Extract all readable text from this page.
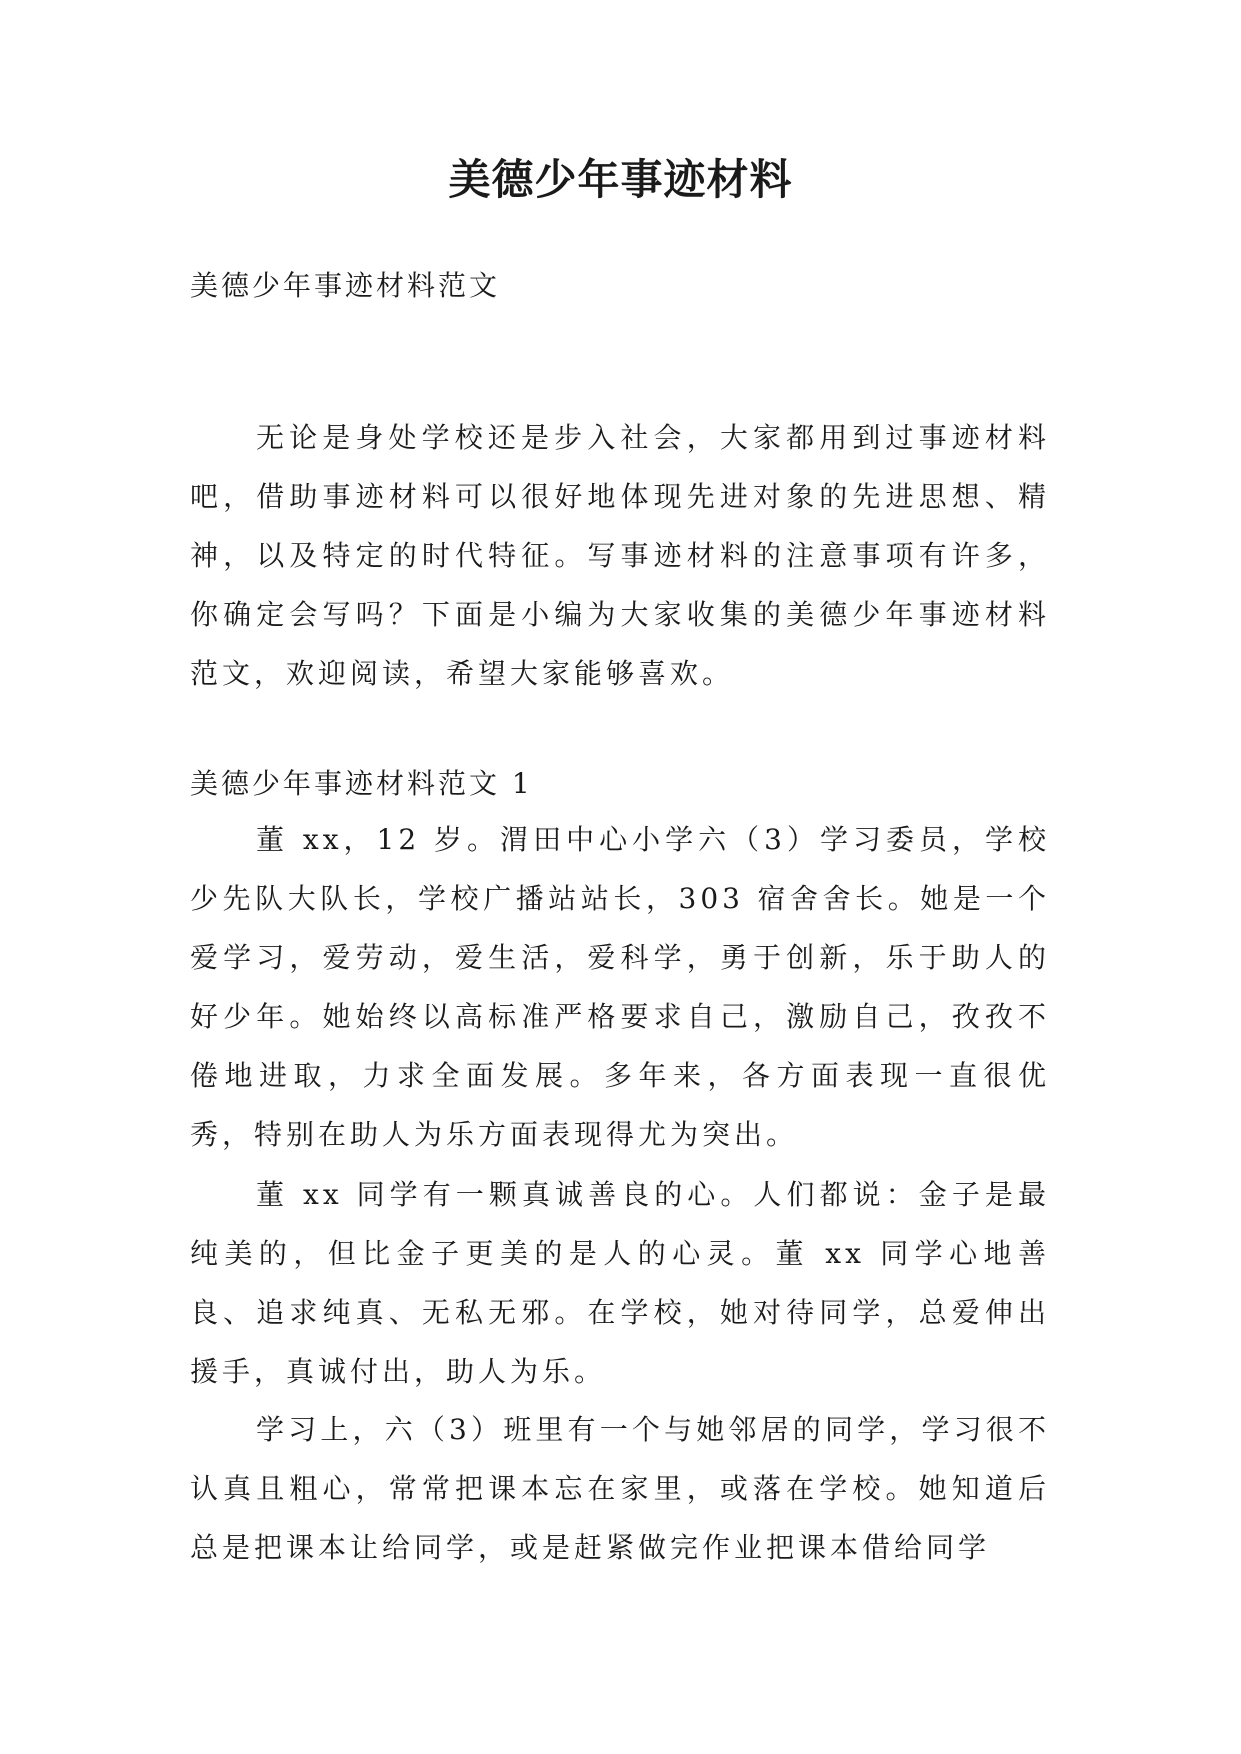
美德少年事迹材料
美德少年事迹材料范文

无论是身处学校还是步入社会，大家都用到过事迹材料吧，借助事迹材料可以很好地体现先进对象的先进思想、精神，以及特定的时代特征。写事迹材料的注意事项有许多，你确定会写吗？下面是小编为大家收集的美德少年事迹材料范文，欢迎阅读，希望大家能够喜欢。

美德少年事迹材料范文 1

董 xx，12 岁。渭田中心小学六（3）学习委员，学校少先队大队长，学校广播站站长，303 宿舍舍长。她是一个爱学习，爱劳动，爱生活，爱科学，勇于创新，乐于助人的好少年。她始终以高标准严格要求自己，激励自己，孜孜不倦地进取，力求全面发展。多年来，各方面表现一直很优秀，特别在助人为乐方面表现得尤为突出。

董 xx 同学有一颗真诚善良的心。人们都说：金子是最纯美的，但比金子更美的是人的心灵。董 xx 同学心地善良、追求纯真、无私无邪。在学校，她对待同学，总爱伸出援手，真诚付出，助人为乐。

学习上，六（3）班里有一个与她邻居的同学，学习很不认真且粗心，常常把课本忘在家里，或落在学校。她知道后总是把课本让给同学，或是赶紧做完作业把课本借给同学
